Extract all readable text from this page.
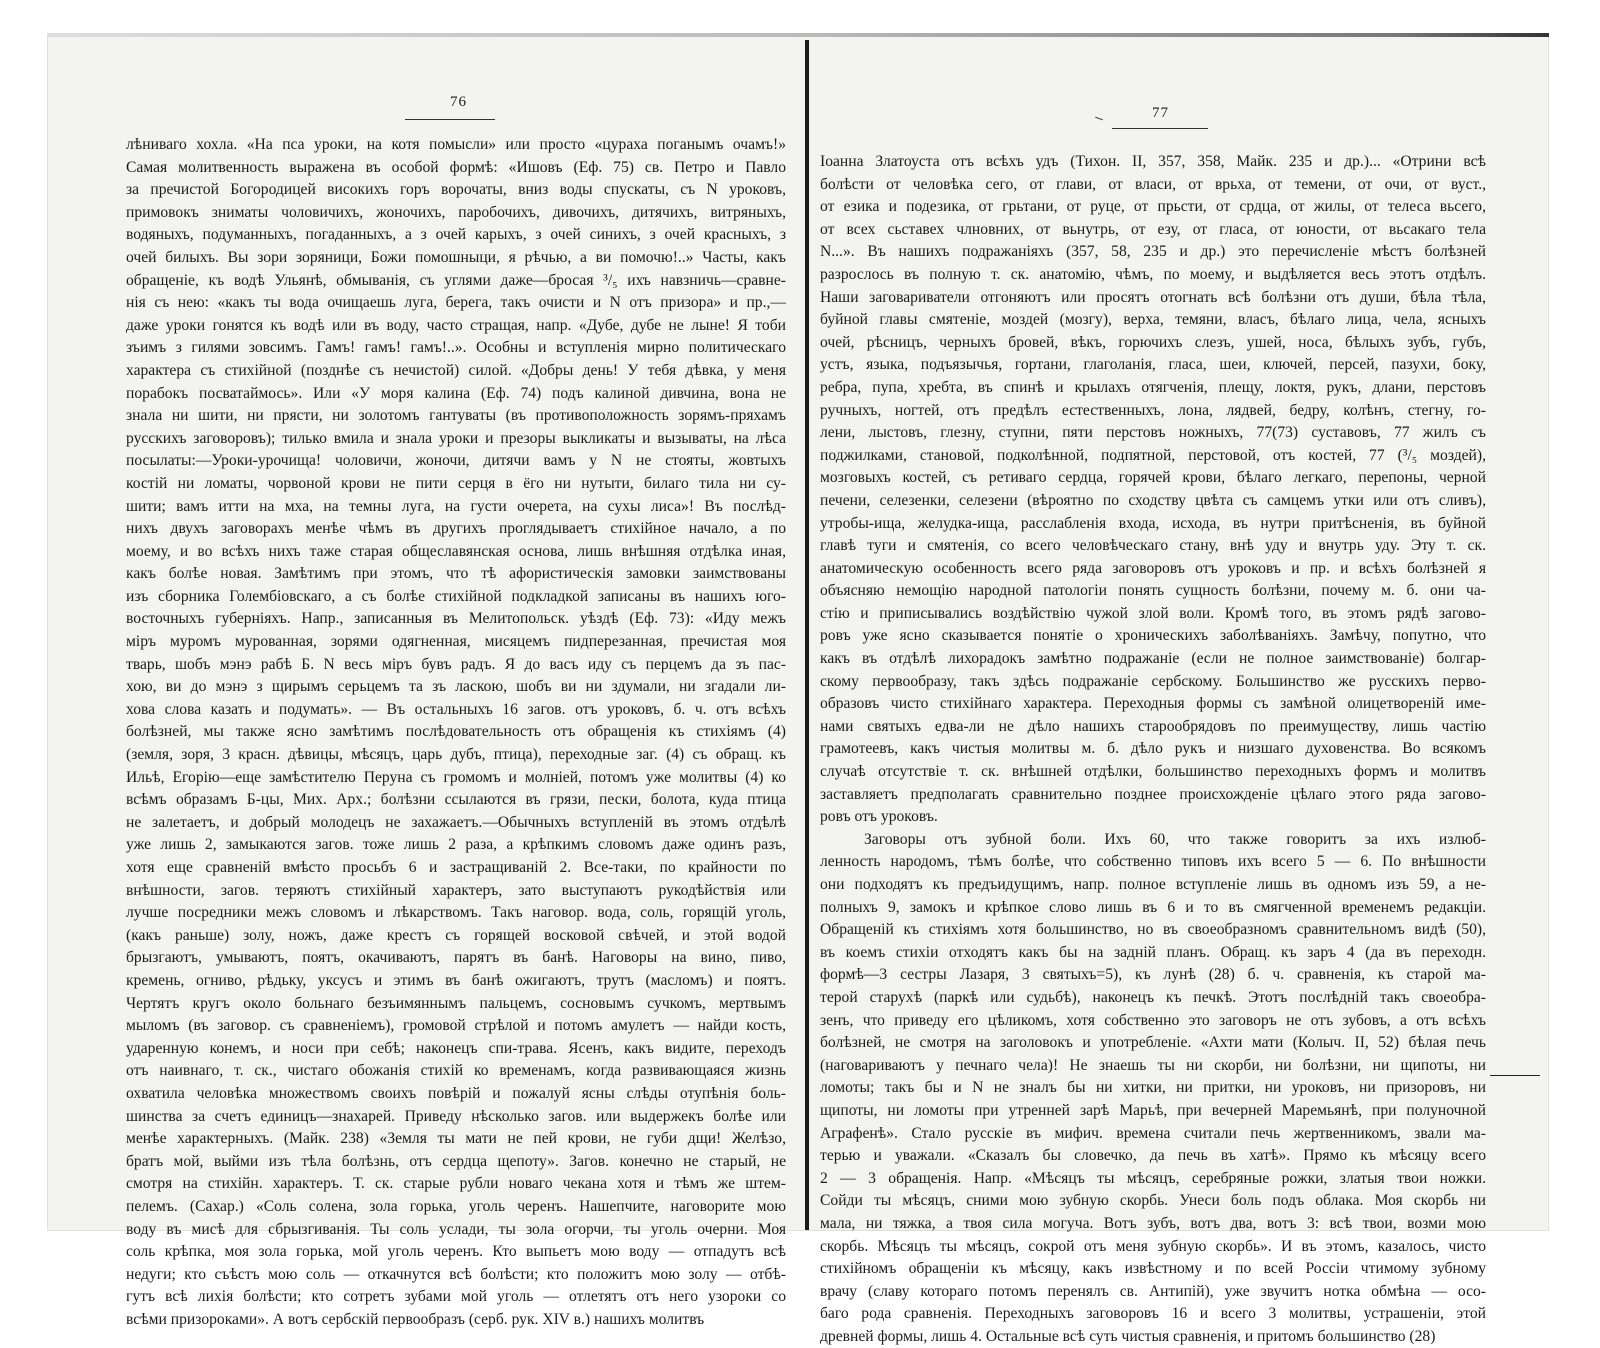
76
77
лѣниваго хохла. «На пса уроки, на котя помысли» или просто «цураха поганымъ очамъ!»
Самая молитвенность выражена въ особой формѣ: «Ишовъ (Еф. 75) св. Петро и Павло
за пречистой Богородицей високихъ горъ ворочаты, вниз воды спускаты, съ N уроковъ,
примовокъ зниматы чоловичихъ, жоночихъ, паробочихъ, дивочихъ, дитячихъ, витряныхъ,
водяныхъ, подуманныхъ, погаданныхъ, а з очей карыхъ, з очей синихъ, з очей красныхъ, з
очей билыхъ. Вы зори зоряници, Божи помошныци, я рѣчью, а ви помочю!..» Часты, какъ
обращеніе, къ водѣ Ульянѣ, обмыванія, съ углями даже—бросая ³/₅ ихъ навзничь—сравне-
нія съ нею: «какъ ты вода очищаешь луга, берега, такъ очисти и N отъ призора» и пр.,—
даже уроки гонятся къ водѣ или въ воду, часто стращая, напр. «Дубе, дубе не лыне! Я тоби
зъимъ з гилями зовсимъ. Гамъ! гамъ! гамъ!..». Особны и вступленія мирно политическаго
характера съ стихійной (позднѣе съ нечистой) силой. «Добры день! У тебя дѣвка, у меня
порабокъ посватаймось». Или «У моря калина (Еф. 74) подъ калиной дивчина, вона не
знала ни шити, ни прясти, ни золотомъ гантуваты (въ противоположность зорямъ-пряхамъ
русскихъ заговоровъ); тилько вмила и знала уроки и презоры выкликаты и вызываты, на лѣса
посылаты:—Уроки-урочища! чоловичи, жоночи, дитячи вамъ у N не стояты, жовтыхъ
костій ни ломаты, чорвоной крови не пити серця в ёго ни нутыти, билаго тила ни су-
шити; вамъ итти на мха, на темны луга, на густи очерета, на сухы лиса»! Въ послѣд-
нихъ двухъ заговорахъ менѣе чѣмъ въ другихъ проглядываетъ стихійное начало, а по
моему, и во всѣхъ нихъ таже старая общеславянская основа, лишь внѣшняя отдѣлка иная,
какъ болѣе новая. Замѣтимъ при этомъ, что тѣ афористическія замовки заимствованы
изъ сборника Голембіовскаго, а съ болѣе стихійной подкладкой записаны въ нашихъ юго-
восточныхъ губерніяхъ. Напр., записанныя въ Мелитопольск. уѣздѣ (Еф. 73): «Иду межъ
міръ муромъ мурованная, зорями одягненная, мисяцемъ пидперезанная, пречистая моя
тварь, шобъ мэнэ рабѣ Б. N весь міръ бувъ радъ. Я до васъ иду съ перцемъ да зъ пас-
хою, ви до мэнэ з щирымъ серьцемъ та зъ ласкою, шобъ ви ни здумали, ни згадали ли-
хова слова казать и подумать». — Въ остальныхъ 16 загов. отъ уроковъ, б. ч. отъ всѣхъ
болѣзней, мы также ясно замѣтимъ послѣдовательность отъ обращенія къ стихіямъ (4)
(земля, зоря, 3 красн. дѣвицы, мѣсяцъ, царь дубъ, птица), переходные заг. (4) съ обращ. къ
Ильѣ, Егорію—еще замѣстителю Перуна съ громомъ и молніей, потомъ уже молитвы (4) ко
всѣмъ образамъ Б-цы, Мих. Арх.; болѣзни ссылаются въ грязи, пески, болота, куда птица
не залетаетъ, и добрый молодецъ не захажаетъ.—Обычныхъ вступленій въ этомъ отдѣлѣ
уже лишь 2, замыкаются загов. тоже лишь 2 раза, а крѣпкимъ словомъ даже одинъ разъ,
хотя еще сравненій вмѣсто просьбъ 6 и застращиваній 2. Все-таки, по крайности по
внѣшности, загов. теряютъ стихійный характеръ, зато выступаютъ рукодѣйствія или
лучше посредники межъ словомъ и лѣкарствомъ. Такъ наговор. вода, соль, горящій уголь,
(какъ раньше) золу, ножъ, даже крестъ съ горящей восковой свѣчей, и этой водой
брызгаютъ, умываютъ, поятъ, окачиваютъ, парятъ въ банѣ. Наговоры на вино, пиво,
кремень, огниво, рѣдьку, уксусъ и этимъ въ банѣ ожигаютъ, трутъ (масломъ) и поятъ.
Чертятъ кругъ около больнаго безъимяннымъ пальцемъ, сосновымъ сучкомъ, мертвымъ
мыломъ (въ заговор. съ сравненіемъ), громовой стрѣлой и потомъ амулетъ — найди кость,
ударенную конемъ, и носи при себѣ; наконецъ спи-трава. Ясенъ, какъ видите, переходъ
отъ наивнаго, т. ск., чистаго обожанія стихій ко временамъ, когда развивающаяся жизнь
охватила человѣка множествомъ своихъ повѣрій и пожалуй ясны слѣды отупѣнія боль-
шинства за счетъ единицъ—знахарей. Приведу нѣсколько загов. или выдержекъ болѣе или
менѣе характерныхъ. (Майк. 238) «Земля ты мати не пей крови, не губи дщи! Желѣзо,
братъ мой, выйми изъ тѣла болѣзнь, отъ сердца щепоту». Загов. конечно не старый, не
смотря на стихійн. характеръ. Т. ск. старые рубли новаго чекана хотя и тѣмъ же штем-
пелемъ. (Сахар.) «Соль солена, зола горька, уголь черенъ. Нашепчите, наговорите мою
воду въ мисѣ для сбрызгиванія. Ты соль услади, ты зола огорчи, ты уголь очерни. Моя
соль крѣпка, моя зола горька, мой уголь черенъ. Кто выпьетъ мою воду — отпадутъ всѣ
недуги; кто съѣстъ мою соль — откачнутся всѣ болѣсти; кто положитъ мою золу — отбѣ-
гутъ всѣ лихія болѣсти; кто сотретъ зубами мой уголь — отлетятъ отъ него узороки со
всѣми призороками». А вотъ сербскій первообразъ (серб. рук. XIV в.) нашихъ молитвъ
Іоанна Златоуста отъ всѣхъ удъ (Тихон. II, 357, 358, Майк. 235 и др.)... «Отрини всѣ
болѣсти от человѣка сего, от глави, от власи, от врьха, от темени, от очи, от вуст.,
от езика и подезика, от грьтани, от руце, от прьсти, от срдца, от жилы, от телеса вьсего,
от всех сьставех члновних, от вьнутрь, от езу, от гласа, от юности, от вьсакаго тела
N...». Въ нашихъ подражаніяхъ (357, 58, 235 и др.) это перечисленіе мѣстъ болѣзней
разрослось въ полную т. ск. анатомію, чѣмъ, по моему, и выдѣляется весь этотъ отдѣлъ.
Наши заговариватели отгоняютъ или просятъ отогнать всѣ болѣзни отъ души, бѣла тѣла,
буйной главы смятеніе, моздей (мозгу), верха, темяни, власъ, бѣлаго лица, чела, ясныхъ
очей, рѣсницъ, черныхъ бровей, вѣкъ, горючихъ слезъ, ушей, носа, бѣлыхъ зубъ, губъ,
устъ, языка, подъязычья, гортани, глаголанія, гласа, шеи, ключей, персей, пазухи, боку,
ребра, пупа, хребта, въ спинѣ и крылахъ отягченія, плещу, локтя, рукъ, длани, перстовъ
ручныхъ, ногтей, отъ предѣлъ естественныхъ, лона, лядвей, бедру, колѣнъ, стегну, го-
лени, лыстовъ, глезну, ступни, пяти перстовъ ножныхъ, 77(73) суставовъ, 77 жилъ съ
поджилками, становой, подколѣнной, подпятной, перстовой, отъ костей, 77 (³/₅ моздей),
мозговыхъ костей, съ ретиваго сердца, горячей крови, бѣлаго легкаго, перепоны, черной
печени, селезенки, селезени (вѣроятно по сходству цвѣта съ самцемъ утки или отъ сливъ),
утробы-ища, желудка-ища, расслабленія входа, исхода, въ нутри притѣсненія, въ буйной
главѣ туги и смятенія, со всего человѣческаго стану, внѣ уду и внутрь уду. Эту т. ск.
анатомическую особенность всего ряда заговоровъ отъ уроковъ и пр. и всѣхъ болѣзней я
объясняю немощію народной патологіи понять сущность болѣзни, почему м. б. они ча-
стію и приписывались воздѣйствію чужой злой воли. Кромѣ того, въ этомъ рядѣ загово-
ровъ уже ясно сказывается понятіе о хроническихъ заболѣваніяхъ. Замѣчу, попутно, что
какъ въ отдѣлѣ лихорадокъ замѣтно подражаніе (если не полное заимствованіе) болгар-
скому первообразу, такъ здѣсь подражаніе сербскому. Большинство же русскихъ перво-
образовъ чисто стихійнаго характера. Переходныя формы съ замѣной олицетвореній име-
нами святыхъ едва-ли не дѣло нашихъ старообрядовъ по преимуществу, лишь частію
грамотеевъ, какъ чистыя молитвы м. б. дѣло рукъ и низшаго духовенства. Во всякомъ
случаѣ отсутствіе т. ск. внѣшней отдѣлки, большинство переходныхъ формъ и молитвъ
заставляетъ предполагать сравнительно позднее происхожденіе цѣлаго этого ряда загово-
ровъ отъ уроковъ.
Заговоры отъ зубной боли. Ихъ 60, что также говоритъ за ихъ излюб-
ленность народомъ, тѣмъ болѣе, что собственно типовъ ихъ всего 5 — 6. По внѣшности
они подходятъ къ предъидущимъ, напр. полное вступленіе лишь въ одномъ изъ 59, а не-
полныхъ 9, замокъ и крѣпкое слово лишь въ 6 и то въ смягченной временемъ редакціи.
Обращеній къ стихіямъ хотя большинство, но въ своеобразномъ сравнительномъ видѣ (50),
въ коемъ стихіи отходятъ какъ бы на задній планъ. Обращ. къ заръ 4 (да въ переходн.
формѣ—3 сестры Лазаря, 3 святыхъ=5), къ лунѣ (28) б. ч. сравненія, къ старой ма-
терой старухѣ (паркѣ или судьбѣ), наконецъ къ печкѣ. Этотъ послѣдній такъ своеобра-
зенъ, что приведу его цѣликомъ, хотя собственно это заговоръ не отъ зубовъ, а отъ всѣхъ
болѣзней, не смотря на заголовокъ и употребленіе. «Ахти мати (Колыч. II, 52) бѣлая печь
(наговариваютъ у печнаго чела)! Не знаешь ты ни скорби, ни болѣзни, ни щипоты, ни
ломоты; такъ бы и N не зналъ бы ни хитки, ни притки, ни уроковъ, ни призоровъ, ни
щипоты, ни ломоты при утренней зарѣ Марьѣ, при вечерней Маремьянѣ, при полуночной
Аграфенѣ». Стало русскіе въ мифич. времена считали печь жертвенникомъ, звали ма-
терью и уважали. «Сказалъ бы словечко, да печь въ хатѣ». Прямо къ мѣсяцу всего
2 — 3 обращенія. Напр. «Мѣсяцъ ты мѣсяцъ, серебряные рожки, златыя твои ножки.
Сойди ты мѣсяцъ, сними мою зубную скорбь. Унеси боль подъ облака. Моя скорбь ни
мала, ни тяжка, а твоя сила могуча. Вотъ зубъ, вотъ два, вотъ 3: всѣ твои, возми мою
скорбь. Мѣсяцъ ты мѣсяцъ, сокрой отъ меня зубную скорбь». И въ этомъ, казалось, чисто
стихійномъ обращеніи къ мѣсяцу, какъ извѣстному и по всей Россіи чтимому зубному
врачу (славу котораго потомъ перенялъ св. Антипій), уже звучитъ нотка обмѣна — осо-
баго рода сравненія. Переходныхъ заговоровъ 16 и всего 3 молитвы, устрашеніи, этой
древней формы, лишь 4. Остальные всѣ суть чистыя сравненія, и притомъ большинство (28)
